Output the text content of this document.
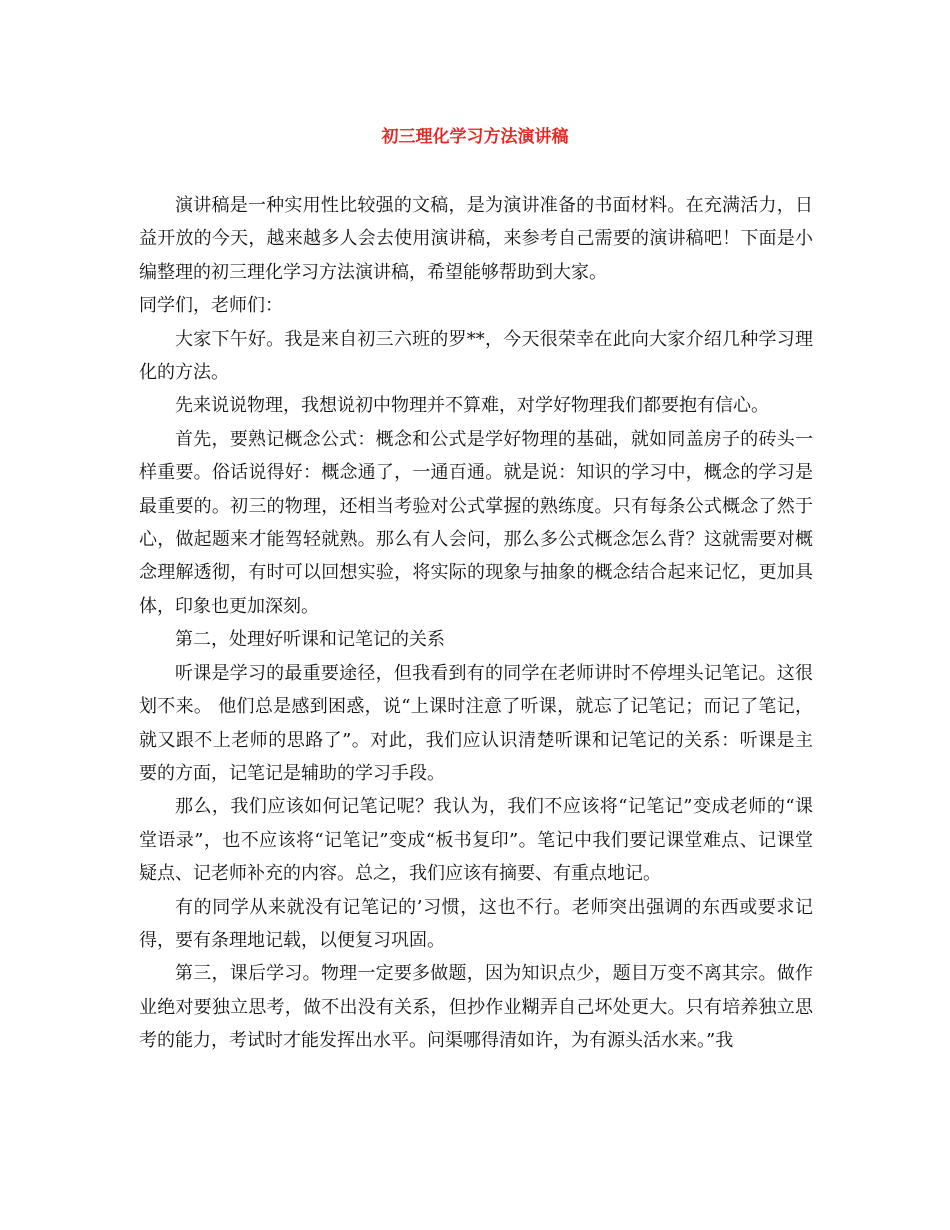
初三理化学习方法演讲稿

演讲稿是一种实用性比较强的文稿，是为演讲准备的书面材料。在充满活力，日益开放的今天，越来越多人会去使用演讲稿，来参考自己需要的演讲稿吧！下面是小编整理的初三理化学习方法演讲稿，希望能够帮助到大家。

同学们，老师们：

大家下午好。我是来自初三六班的罗**，今天很荣幸在此向大家介绍几种学习理化的方法。

先来说说物理，我想说初中物理并不算难，对学好物理我们都要抱有信心。

首先，要熟记概念公式：概念和公式是学好物理的基础，就如同盖房子的砖头一样重要。俗话说得好：概念通了，一通百通。就是说：知识的学习中，概念的学习是最重要的。初三的物理，还相当考验对公式掌握的熟练度。只有每条公式概念了然于心，做起题来才能驾轻就熟。那么有人会问，那么多公式概念怎么背？这就需要对概念理解透彻，有时可以回想实验，将实际的现象与抽象的概念结合起来记忆，更加具体，印象也更加深刻。

第二，处理好听课和记笔记的关系

听课是学习的最重要途径，但我看到有的同学在老师讲时不停埋头记笔记。这很划不来。 他们总是感到困惑，说“上课时注意了听课，就忘了记笔记；而记了笔记，就又跟不上老师的思路了”。对此，我们应认识清楚听课和记笔记的关系：听课是主要的方面，记笔记是辅助的学习手段。

那么，我们应该如何记笔记呢？我认为，我们不应该将“记笔记”变成老师的“课堂语录”，也不应该将“记笔记”变成“板书复印”。笔记中我们要记课堂难点、记课堂疑点、记老师补充的内容。总之，我们应该有摘要、有重点地记。

有的同学从来就没有记笔记的’习惯，这也不行。老师突出强调的东西或要求记得，要有条理地记载，以便复习巩固。

第三，课后学习。物理一定要多做题，因为知识点少，题目万变不离其宗。做作业绝对要独立思考，做不出没有关系，但抄作业糊弄自己坏处更大。只有培养独立思考的能力，考试时才能发挥出水平。问渠哪得清如许，为有源头活水来。”我
